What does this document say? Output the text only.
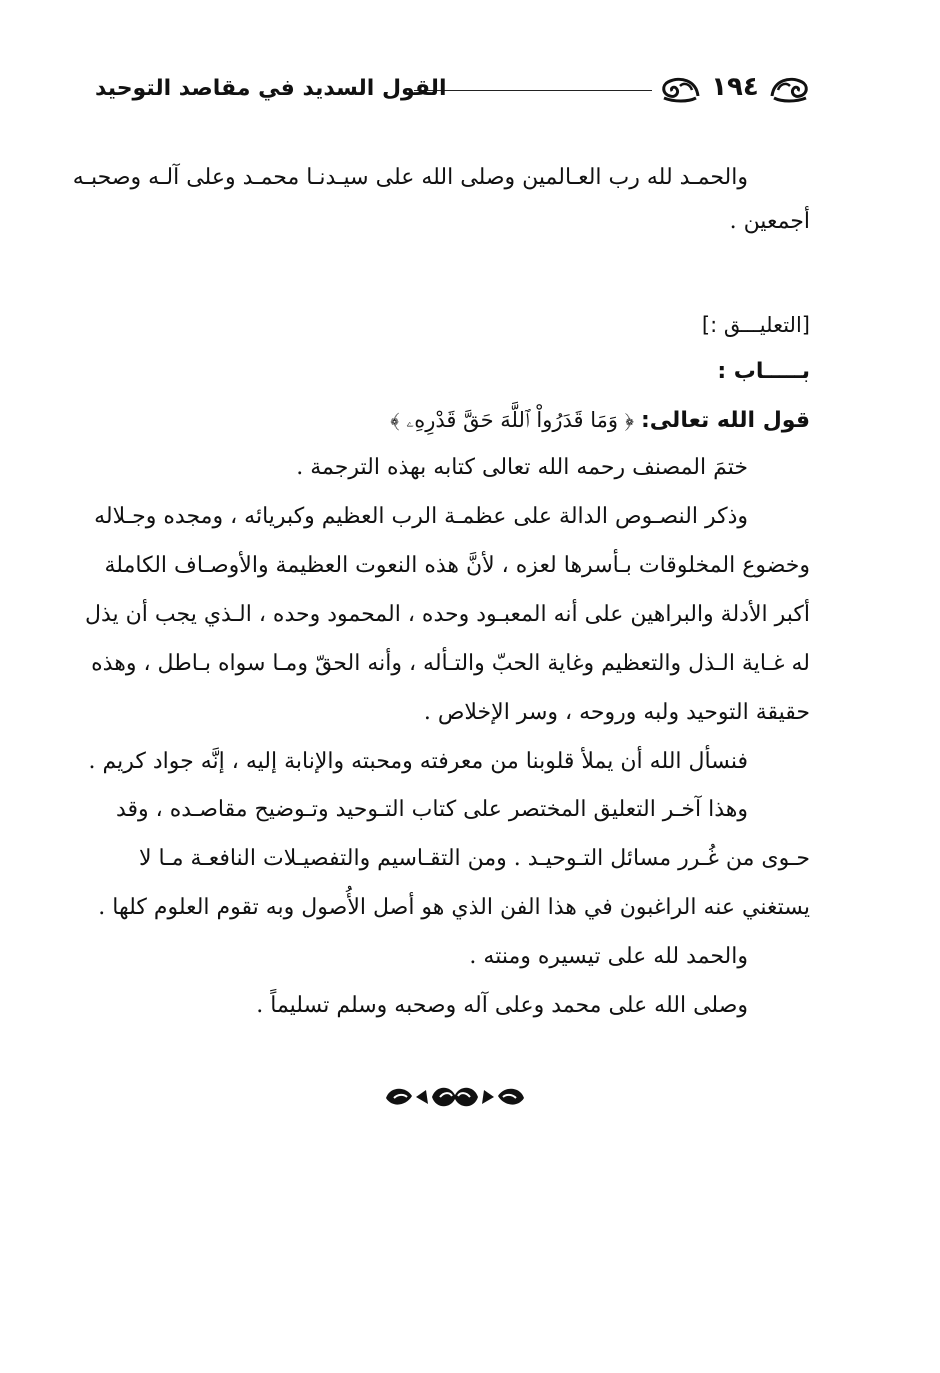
١٩٤
القول السديد في مقاصد التوحيد
والحمـد لله رب العـالمين وصلى الله على سيـدنـا محمـد وعلى آلـه وصحبـه
أجمعين .
[التعليـــق :]
بـــــاب :
قول الله تعالى: ﴿ وَمَا قَدَرُواْ ٱللَّهَ حَقَّ قَدْرِهِۦ ﴾
ختمَ المصنف رحمه الله تعالى كتابه بهذه الترجمة .
وذكر النصـوص الدالة على عظمـة الرب العظيم وكبريائه ، ومجده وجـلاله
وخضوع المخلوقات بـأسرها لعزه ، لأنَّ هذه النعوت العظيمة والأوصـاف الكاملة
أكبر الأدلة والبراهين على أنه المعبـود وحده ، المحمود وحده ، الـذي يجب أن يذل
له غـاية الـذل والتعظيم وغاية الحبّ والتـأله ، وأنه الحقّ ومـا سواه بـاطل ، وهذه
حقيقة التوحيد ولبه وروحه ، وسر الإخلاص .
فنسأل الله أن يملأ قلوبنا من معرفته ومحبته والإنابة إليه ، إنَّه جواد كريم .
وهذا آخـر التعليق المختصر على كتاب التـوحيد وتـوضيح مقاصـده ، وقد
حـوى من غُـرر مسائل التـوحيـد . ومن التقـاسيم والتفصيـلات النافعـة مـا لا
يستغني عنه الراغبون في هذا الفن الذي هو أصل الأُصول وبه تقوم العلوم كلها .
والحمد لله على تيسيره ومنته .
وصلى الله على محمد وعلى آله وصحبه وسلم تسليماً .
